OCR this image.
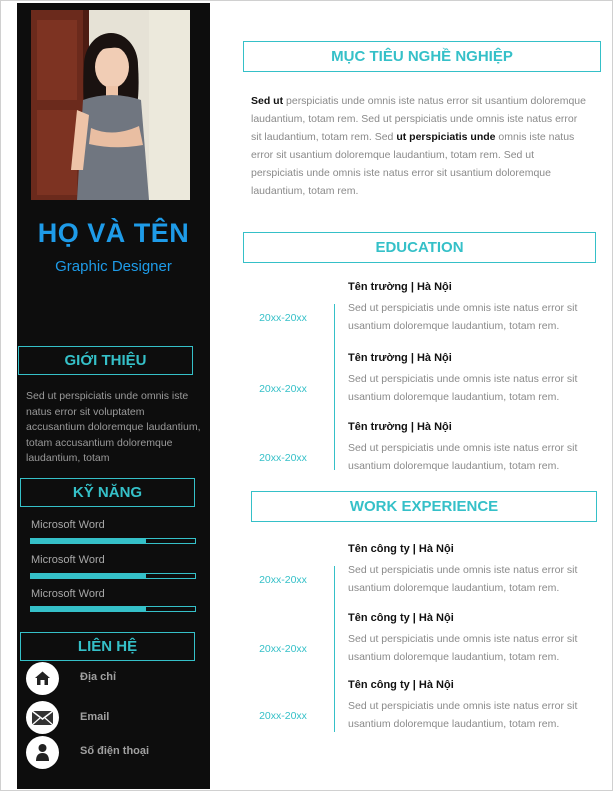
HỌ VÀ TÊN
Graphic Designer
GIỚI THIỆU
Sed ut perspiciatis unde omnis iste natus error sit voluptatem accusantium doloremque laudantium, totam accusantium doloremque laudantium, totam
KỸ NĂNG
Microsoft Word
Microsoft Word
Microsoft Word
LIÊN HỆ
Địa chỉ
Email
Số điện thoại
MỤC TIÊU NGHỀ NGHIỆP
Sed ut perspiciatis unde omnis iste natus error sit usantium doloremque laudantium, totam rem. Sed ut perspiciatis unde omnis iste natus error sit laudantium, totam rem. Sed ut perspiciatis unde omnis iste natus error sit usantium doloremque laudantium, totam rem. Sed ut perspiciatis unde omnis iste natus error sit usantium doloremque laudantium, totam rem.
EDUCATION
Tên trường | Hà Nội
20xx-20xx
Sed ut perspiciatis unde omnis iste natus error sit usantium doloremque laudantium, totam rem.
Tên trường | Hà Nội
20xx-20xx
Sed ut perspiciatis unde omnis iste natus error sit usantium doloremque laudantium, totam rem.
Tên trường | Hà Nội
20xx-20xx
Sed ut perspiciatis unde omnis iste natus error sit usantium doloremque laudantium, totam rem.
WORK EXPERIENCE
Tên công ty | Hà Nội
20xx-20xx
Sed ut perspiciatis unde omnis iste natus error sit usantium doloremque laudantium, totam rem.
Tên công ty | Hà Nội
20xx-20xx
Sed ut perspiciatis unde omnis iste natus error sit usantium doloremque laudantium, totam rem.
Tên công ty | Hà Nội
20xx-20xx
Sed ut perspiciatis unde omnis iste natus error sit usantium doloremque laudantium, totam rem.
